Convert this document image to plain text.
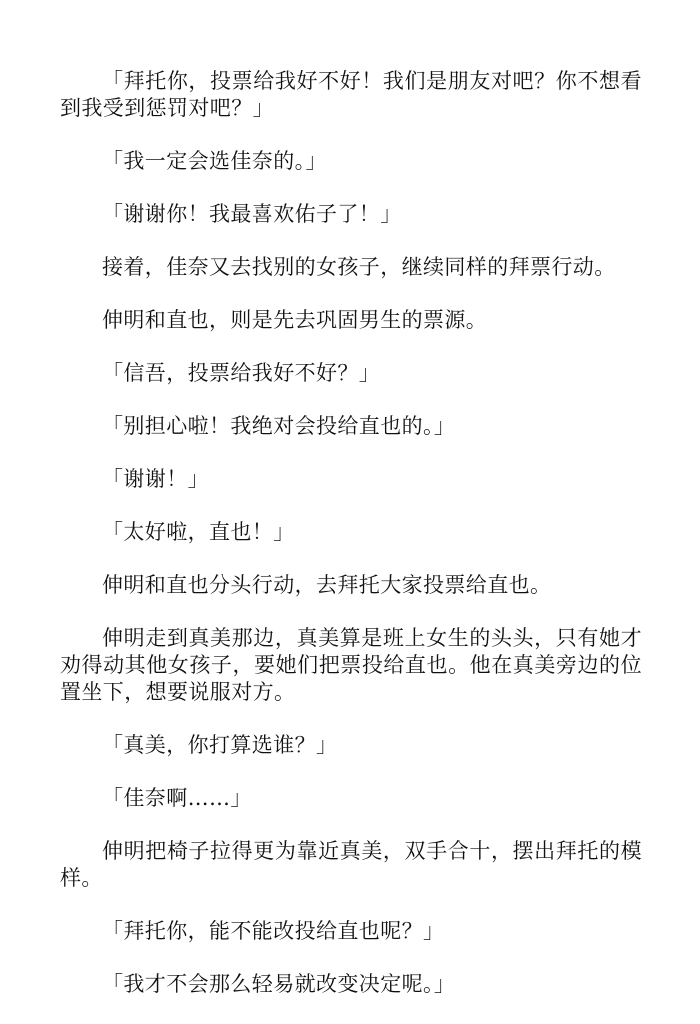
「拜托你，投票给我好不好！我们是朋友对吧？你不想看到我受到惩罚对吧？」

「我一定会选佳奈的。」

「谢谢你！我最喜欢佑子了！」

接着，佳奈又去找别的女孩子，继续同样的拜票行动。

伸明和直也，则是先去巩固男生的票源。

「信吾，投票给我好不好？」

「别担心啦！我绝对会投给直也的。」

「谢谢！」

「太好啦，直也！」

伸明和直也分头行动，去拜托大家投票给直也。

伸明走到真美那边，真美算是班上女生的头头，只有她才劝得动其他女孩子，要她们把票投给直也。他在真美旁边的位置坐下，想要说服对方。

「真美，你打算选谁？」

「佳奈啊……」

伸明把椅子拉得更为靠近真美，双手合十，摆出拜托的模样。

「拜托你，能不能改投给直也呢？」

「我才不会那么轻易就改变决定呢。」
